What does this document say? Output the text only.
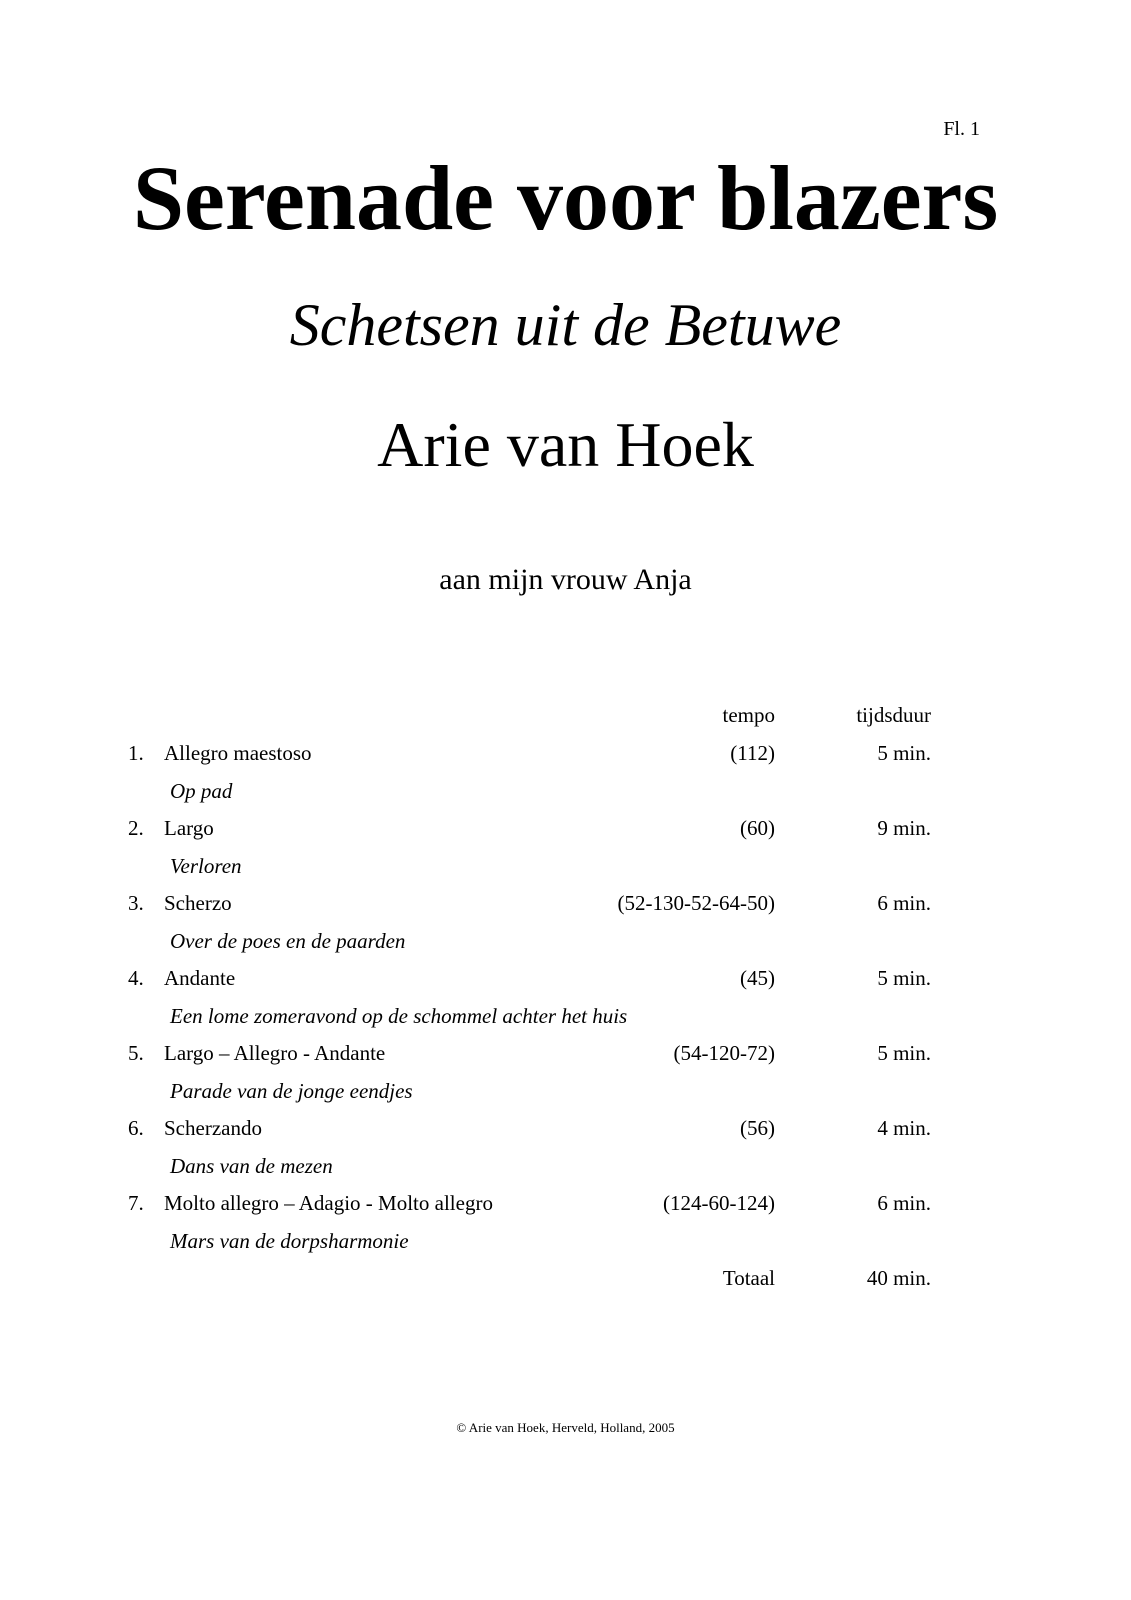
Fl. 1
Serenade voor blazers
Schetsen uit de Betuwe
Arie van Hoek
aan mijn vrouw Anja
tempo	tijdsduur
1. Allegro maestoso	(112)	5 min.
Op pad
2. Largo	(60)	9 min.
Verloren
3. Scherzo	(52-130-52-64-50)	6 min.
Over de poes en de paarden
4. Andante	(45)	5 min.
Een lome zomeravond op de schommel achter het huis
5. Largo – Allegro - Andante	(54-120-72)	5 min.
Parade van de jonge eendjes
6. Scherzando	(56)	4 min.
Dans van de mezen
7. Molto allegro – Adagio - Molto allegro	(124-60-124)	6 min.
Mars van de dorpsharmonie
Totaal	40 min.
© Arie van Hoek, Herveld, Holland, 2005
